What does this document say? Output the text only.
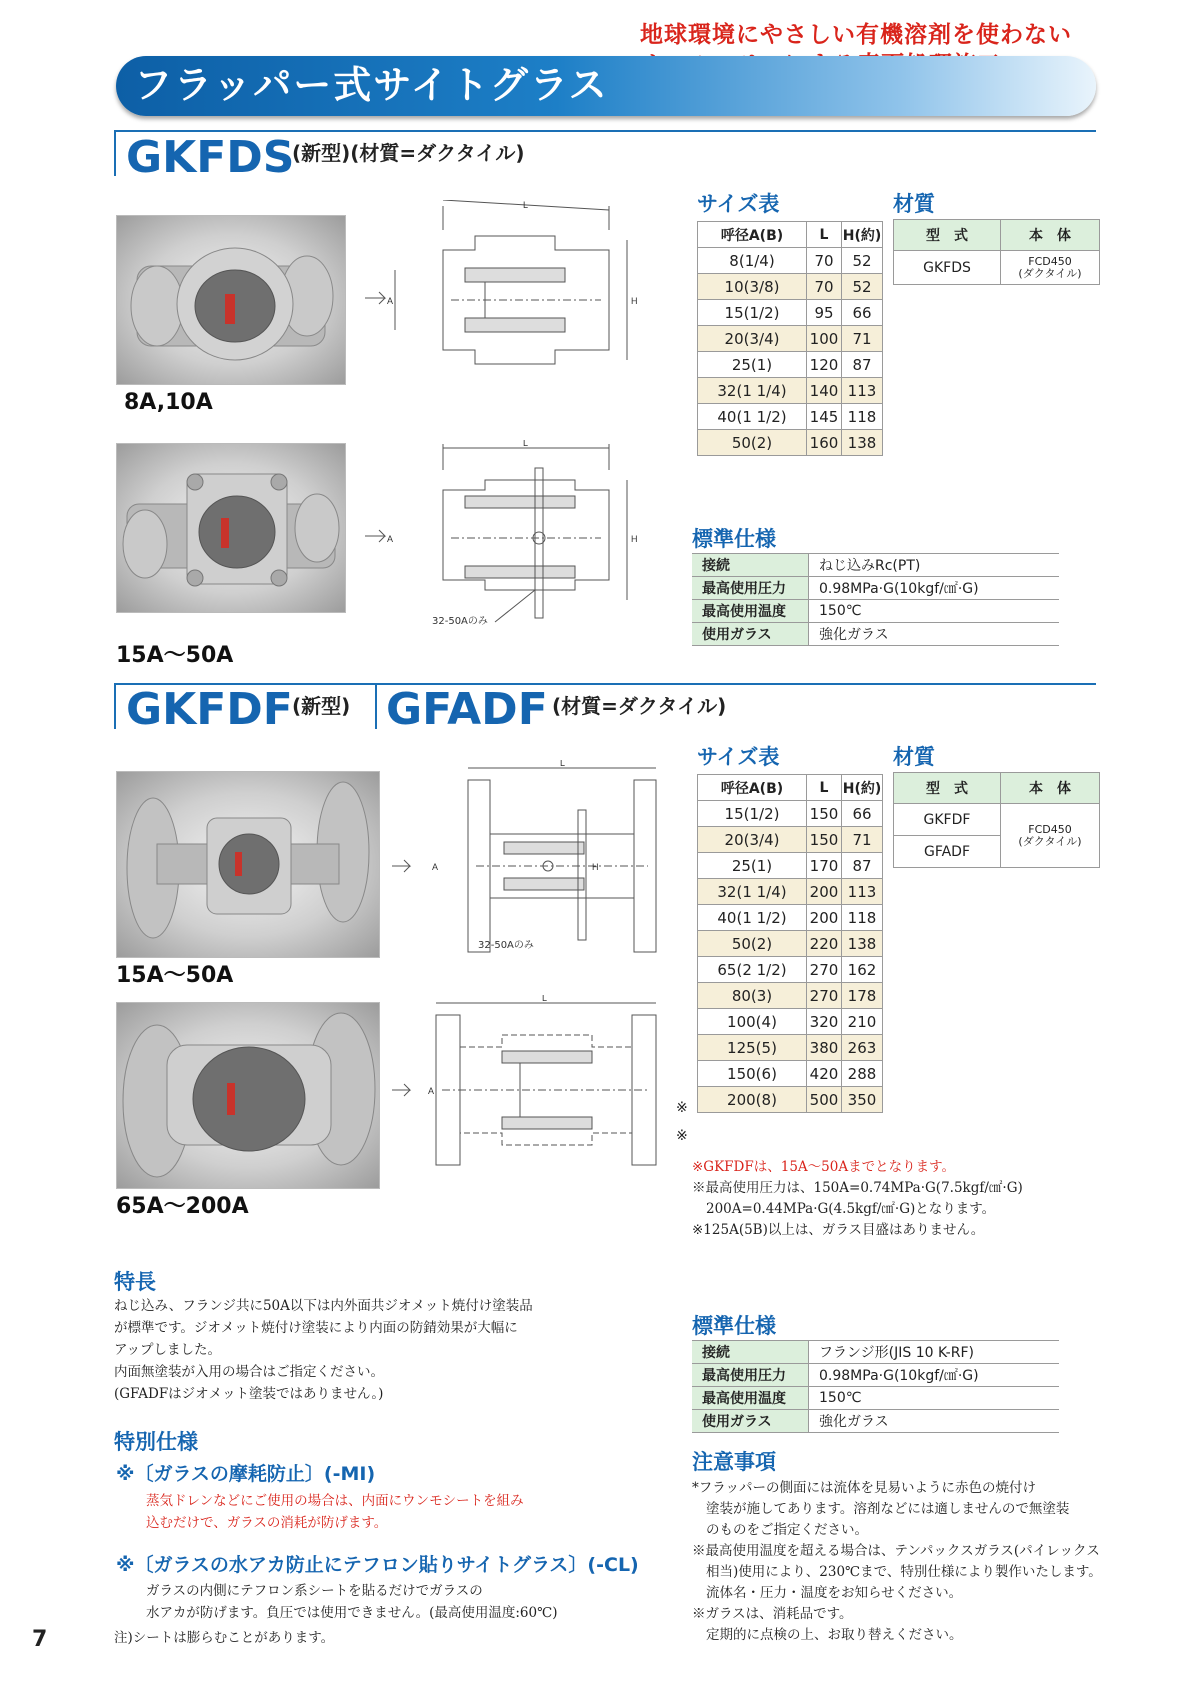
地球環境にやさしい有機溶剤を使わない
フラッパー式サイトグラス
GKFDS
(新型)(材質=ダクタイル)
8A,10A
L
H
A
15A〜50A
L
H
A
32-50Aのみ
サイズ表
呼径A(B)	L	H(約)
8(1/4)	70	52
10(3/8)	70	52
15(1/2)	95	66
20(3/4)	100	71
25(1)	120	87
32(1 1/4)	140	113
40(1 1/2)	145	118
50(2)	160	138
材質
型　式	本　体
GKFDS	FCD450
(ダクタイル)
標準仕様
接続	ねじ込みRc(PT)
最高使用圧力	0.98MPa·G(10kgf/㎠·G)
最高使用温度	150℃
使用ガラス	強化ガラス
GKFDF (新型) GFADF (材質=ダクタイル)
15A〜50A
L
H
A
32-50Aのみ
65A〜200A
L
A
サイズ表
呼径A(B)	L	H(約)
15(1/2)	150	66
20(3/4)	150	71
25(1)	170	87
32(1 1/4)	200	113
40(1 1/2)	200	118
50(2)	220	138
65(2 1/2)	270	162
80(3)	270	178
100(4)	320	210
125(5)	380	263
150(6)	420	288
200(8)	500	350
※
※
材質
型　式	本　体
GKFDF	FCD450
(ダクタイル)

GFADF	
※GKFDFは、15A〜50Aまでとなります。
※最高使用圧力は、150A=0.74MPa·G(7.5kgf/㎠·G)
200A=0.44MPa·G(4.5kgf/㎠·G)となります。
※125A(5B)以上は、ガラス目盛はありません。
標準仕様
接続	フランジ形(JIS 10 K-RF)
最高使用圧力	0.98MPa·G(10kgf/㎠·G)
最高使用温度	150℃
使用ガラス	強化ガラス
特長
ねじ込み、フランジ共に50A以下は内外面共ジオメット焼付け塗装品
が標準です。ジオメット焼付け塗装により内面の防錆効果が大幅に
アップしました。
内面無塗装が入用の場合はご指定ください。
(GFADFはジオメット塗装ではありません。)
特別仕様
※〔ガラスの摩耗防止〕(-MI)
蒸気ドレンなどにご使用の場合は、内面にウンモシートを組み
込むだけで、ガラスの消耗が防げます。
※〔ガラスの水アカ防止にテフロン貼りサイトグラス〕(-CL)
ガラスの内側にテフロン系シートを貼るだけでガラスの
水アカが防げます。負圧では使用できません。(最高使用温度:60℃)
注)シートは膨らむことがあります。
注意事項
*フラッパーの側面には流体を見易いように赤色の焼付け
塗装が施してあります。溶剤などには適しませんので無塗装
のものをご指定ください。
※最高使用温度を超える場合は、テンパックスガラス(パイレックス
相当)使用により、230℃まで、特別仕様により製作いたします。
流体名・圧力・温度をお知らせください。
※ガラスは、消耗品です。
定期的に点検の上、お取り替えください。
7
